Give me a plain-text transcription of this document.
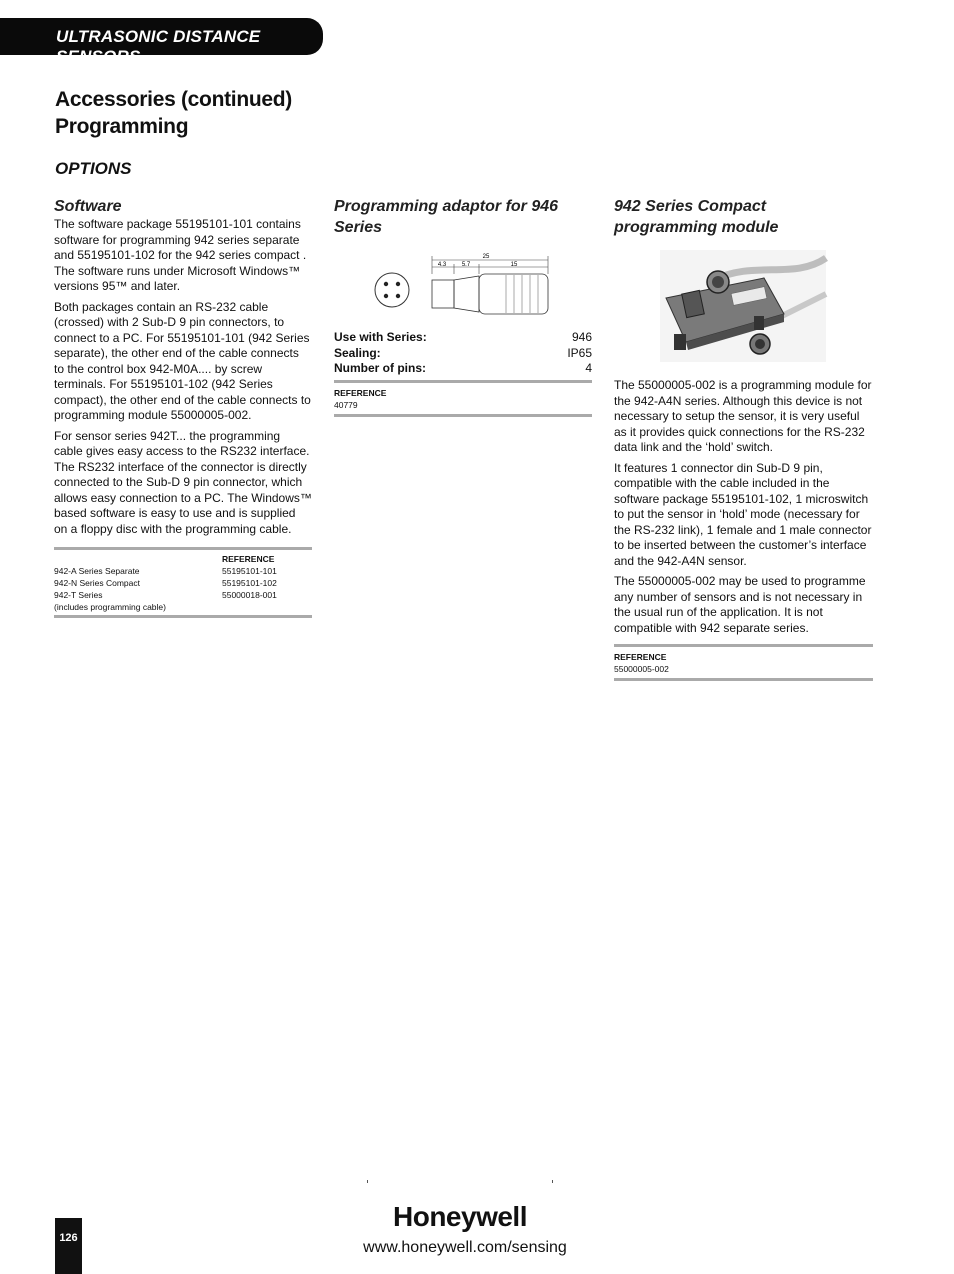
ULTRASONIC DISTANCE SENSORS
Accessories (continued)
Programming
OPTIONS
Software

The software package 55195101-101 contains software for programming 942 series separate and 55195101-102 for the 942 series compact . The software runs under Microsoft Windows™ versions 95™ and later.

Both packages contain an RS-232 cable (crossed) with 2 Sub-D 9 pin connectors, to connect to a PC. For 55195101-101 (942 Series separate), the other end of the cable connects to the control box 942-M0A.... by screw terminals. For 55195101-102 (942 Series compact), the other end of the cable connects to programming module 55000005-002.

For sensor series 942T... the programming cable gives easy access to the RS232 interface. The RS232 interface of the connector is directly connected to the Sub-D 9 pin connector, which allows easy connection to a PC. The Windows™ based software is easy to use and is supplied on a floppy disc with the programming cable.

REFERENCE
942-A Series Separate	55195101-101
942-N Series Compact	55195101-102
942-T Series	55000018-001
(includes programming cable)
Programming adaptor for 946 Series
25
4.3	5.7	15
Use with Series:	946
Sealing:	IP65
Number of pins:	4
REFERENCE
40779
942 Series Compact programming module

The 55000005-002 is a programming module for the 942-A4N series. Although this device is not necessary to setup the sensor, it is very useful as it provides quick connections for the RS-232 data link and the ‘hold’ switch.

It features 1 connector din Sub-D 9 pin, compatible with the cable included in the software package 55195101-102, 1 microswitch to put the sensor in ‘hold’ mode (necessary for the RS-232 link), 1 female and 1 male connector to be inserted between the customer’s interface and the 942-A4N sensor.

The 55000005-002 may be used to programme any number of sensors and is not necessary in the usual run of the application. It is not compatible with 942 separate series.

REFERENCE
55000005-002
126
Honeywell
www.honeywell.com/sensing
